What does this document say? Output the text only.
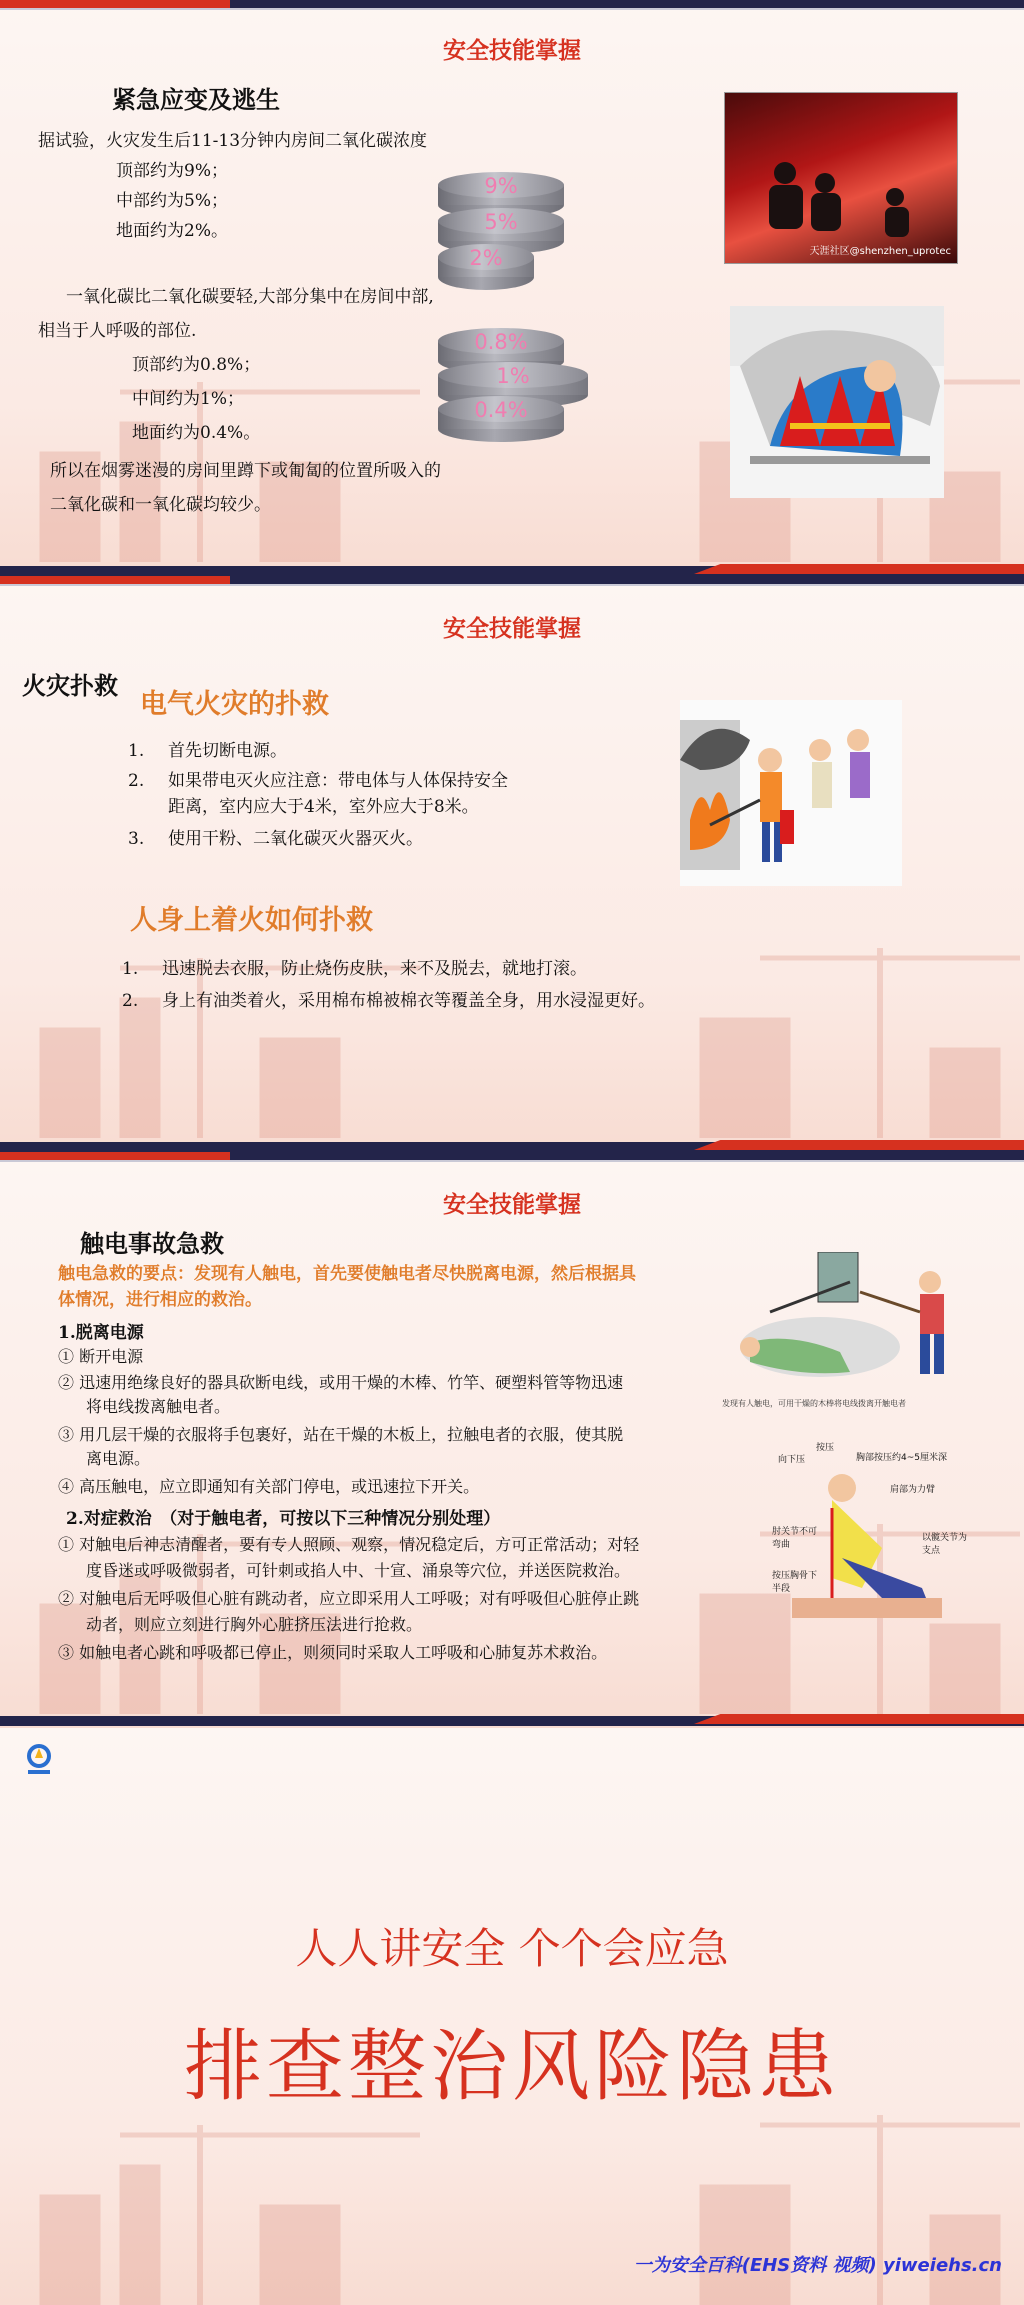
安全技能掌握
紧急应变及逃生
据试验，火灾发生后11-13分钟内房间二氧化碳浓度
顶部约为9%；
中部约为5%；
地面约为2%。
9%
5%
2%
一氧化碳比二氧化碳要轻,大部分集中在房间中部,
相当于人呼吸的部位.
顶部约为0.8%；
中间约为1%；
地面约为0.4%。
0.8%
1%
0.4%
所以在烟雾迷漫的房间里蹲下或匍匐的位置所吸入的
二氧化碳和一氧化碳均较少。
天涯社区@shenzhen_uprotec
安全技能掌握
火灾扑救
电气火灾的扑救
1. 首先切断电源。
2. 如果带电灭火应注意：带电体与人体保持安全
距离，室内应大于4米，室外应大于8米。
3. 使用干粉、二氧化碳灭火器灭火。
人身上着火如何扑救
1. 迅速脱去衣服，防止烧伤皮肤，来不及脱去，就地打滚。
2. 身上有油类着火，采用棉布棉被棉衣等覆盖全身，用水浸湿更好。
安全技能掌握
触电事故急救
触电急救的要点：发现有人触电，首先要使触电者尽快脱离电源，然后根据具
体情况，进行相应的救治。
1.脱离电源
① 断开电源
② 迅速用绝缘良好的器具砍断电线，或用干燥的木棒、竹竿、硬塑料管等物迅速
将电线拨离触电者。
③ 用几层干燥的衣服将手包裹好，站在干燥的木板上，拉触电者的衣服，使其脱
离电源。
④ 高压触电，应立即通知有关部门停电，或迅速拉下开关。
2.对症救治　（对于触电者，可按以下三种情况分别处理）
① 对触电后神志清醒者，要有专人照顾、观察，情况稳定后，方可正常活动；对轻
度昏迷或呼吸微弱者，可针刺或掐人中、十宣、涌泉等穴位，并送医院救治。
② 对触电后无呼吸但心脏有跳动者，应立即采用人工呼吸；对有呼吸但心脏停止跳
动者，则应立刻进行胸外心脏挤压法进行抢救。
③ 如触电者心跳和呼吸都已停止，则须同时采取人工呼吸和心肺复苏术救治。
发现有人触电，可用干燥的木棒将电线拨离开触电者
按压
胸部按压约4~5厘米深
肩部为力臂
向下压
以髋关节为支点
肘关节不可弯曲
按压胸骨下半段
人人讲安全 个个会应急
排查整治风险隐患
一为安全百科(EHS资料 视频) yiweiehs.cn
